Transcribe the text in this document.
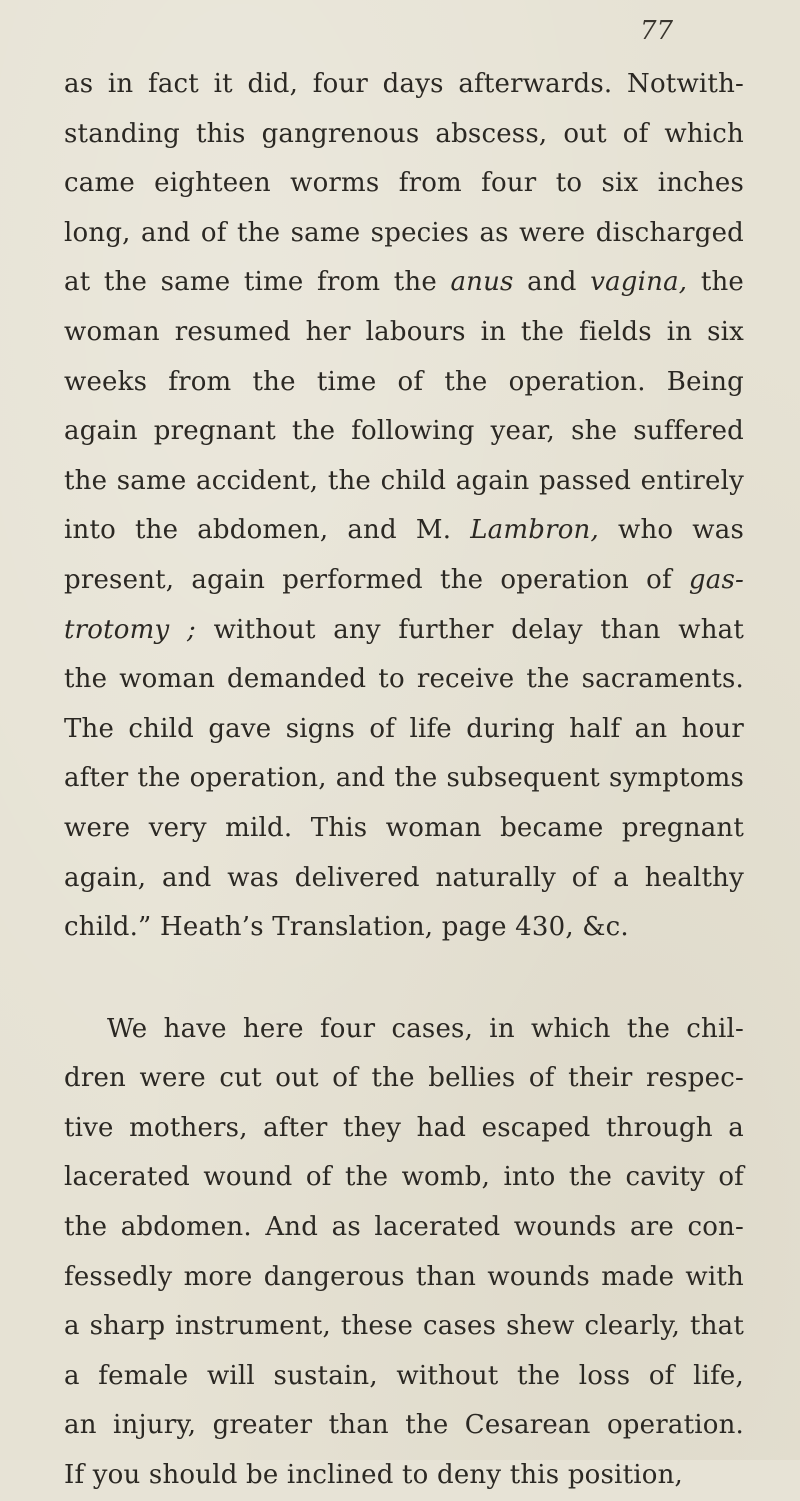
77
as in fact it did, four days afterwards. Notwith-
standing this gangrenous abscess, out of which
came eighteen worms from four to six inches
long, and of the same species as were discharged
at the same time from the anus and vagina, the
woman resumed her labours in the fields in six
weeks from the time of the operation. Being
again pregnant the following year, she suffered
the same accident, the child again passed entirely
into the abdomen, and M. Lambron, who was
present, again performed the operation of gas-
trotomy ; without any further delay than what
the woman demanded to receive the sacraments.
The child gave signs of life during half an hour
after the operation, and the subsequent symptoms
were very mild. This woman became pregnant
again, and was delivered naturally of a healthy
child.” Heath’s Translation, page 430, &c.
We have here four cases, in which the chil-
dren were cut out of the bellies of their respec-
tive mothers, after they had escaped through a
lacerated wound of the womb, into the cavity of
the abdomen. And as lacerated wounds are con-
fessedly more dangerous than wounds made with
a sharp instrument, these cases shew clearly, that
a female will sustain, without the loss of life,
an injury, greater than the Cesarean operation.
If you should be inclined to deny this position,
